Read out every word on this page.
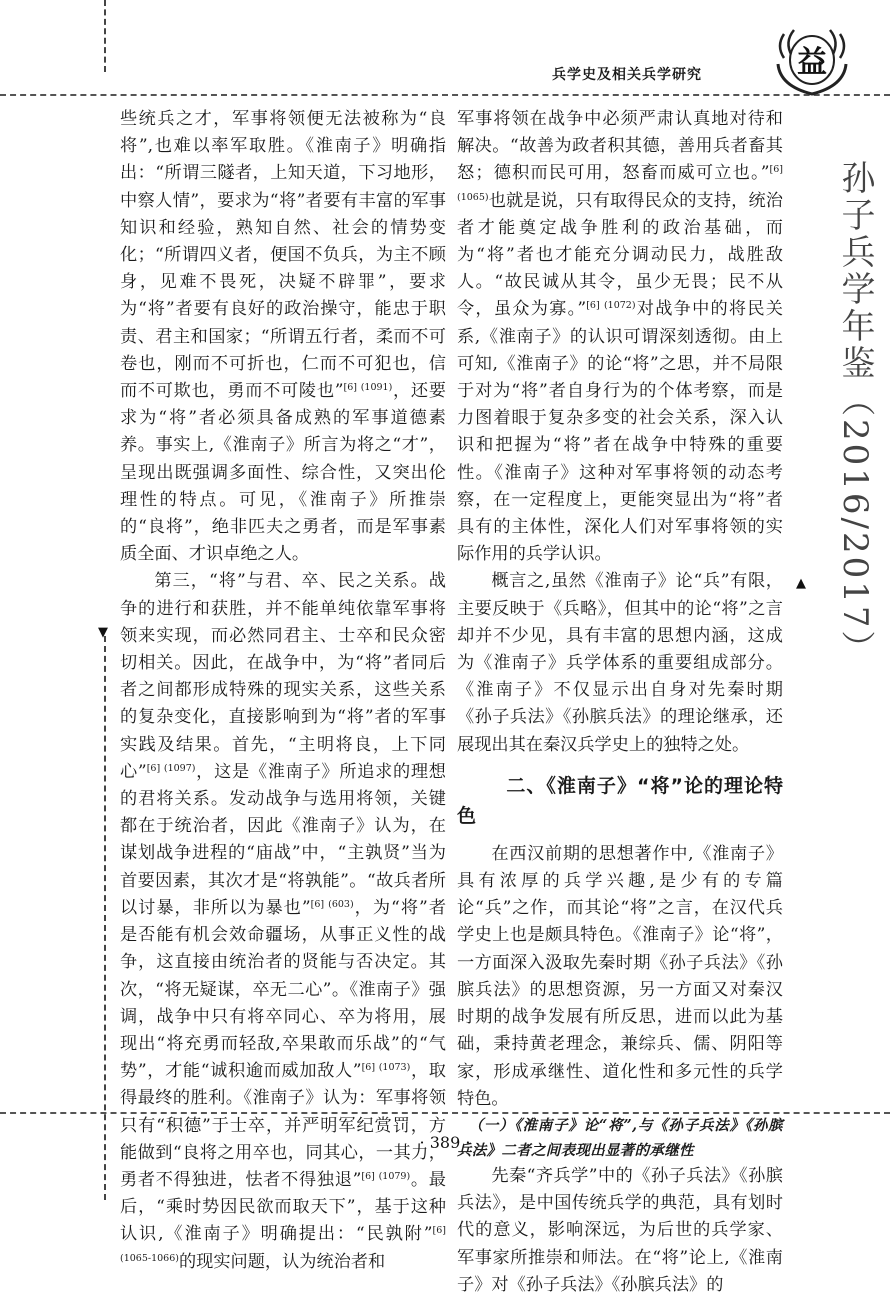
▼
▲
兵学史及相关兵学研究	益

些统兵之才，军事将领便无法被称为“良将”,也难以率军取胜。《淮南子》明确指出：“所谓三隧者，上知天道，下习地形，中察人情”，要求为“将”者要有丰富的军事知识和经验，熟知自然、社会的情势变化；“所谓四义者，便国不负兵，为主不顾身，见难不畏死，决疑不辟罪”，要求为“将”者要有良好的政治操守，能忠于职责、君主和国家；“所谓五行者，柔而不可卷也，刚而不可折也，仁而不可犯也，信而不可欺也，勇而不可陵也”$^{[6] (1091)}$，还要求为“将”者必须具备成熟的军事道德素养。事实上,《淮南子》所言为将之“才”，呈现出既强调多面性、综合性，又突出伦理性的特点。可见，《淮南子》所推崇的“良将”，绝非匹夫之勇者，而是军事素质全面、才识卓绝之人。

第三，“将”与君、卒、民之关系。战争的进行和获胜，并不能单纯依靠军事将领来实现，而必然同君主、士卒和民众密切相关。因此，在战争中，为“将”者同后者之间都形成特殊的现实关系，这些关系的复杂变化，直接影响到为“将”者的军事实践及结果。首先，“主明将良，上下同心”$^{[6] (1097)}$，这是《淮南子》所追求的理想的君将关系。发动战争与选用将领，关键都在于统治者，因此《淮南子》认为，在谋划战争进程的“庙战”中，“主孰贤”当为首要因素，其次才是“将孰能”。“故兵者所以讨暴，非所以为暴也”$^{[6] (603)}$，为“将”者是否能有机会效命疆场，从事正义性的战争，这直接由统治者的贤能与否决定。其次，“将无疑谋，卒无二心”。《淮南子》强调，战争中只有将卒同心、卒为将用，展现出“将充勇而轻敌,卒果敢而乐战”的“气势”，才能“诚积逾而威加敌人”$^{[6] (1073)}$，取得最终的胜利。《淮南子》认为：军事将领只有“积德”于士卒，并严明军纪赏罚，方能做到“良将之用卒也，同其心，一其力，勇者不得独进，怯者不得独退”$^{[6] (1079)}$。最后，“乘时势因民欲而取天下”，基于这种认识,《淮南子》明确提出：“民孰附”$^{[6] (1065-1066)}$的现实问题，认为统治者和

军事将领在战争中必须严肃认真地对待和解决。“故善为政者积其德，善用兵者畜其怒；德积而民可用，怒畜而威可立也。”$^{[6] (1065)}$也就是说，只有取得民众的支持，统治者才能奠定战争胜利的政治基础，而为“将”者也才能充分调动民力，战胜敌人。“故民诚从其令，虽少无畏；民不从令，虽众为寡。”$^{[6] (1072)}$对战争中的将民关系,《淮南子》的认识可谓深刻透彻。由上可知,《淮南子》的论“将”之思，并不局限于对为“将”者自身行为的个体考察，而是力图着眼于复杂多变的社会关系，深入认识和把握为“将”者在战争中特殊的重要性。《淮南子》这种对军事将领的动态考察，在一定程度上，更能突显出为“将”者具有的主体性，深化人们对军事将领的实际作用的兵学认识。

概言之,虽然《淮南子》论“兵”有限，主要反映于《兵略》，但其中的论“将”之言却并不少见，具有丰富的思想内涵，这成为《淮南子》兵学体系的重要组成部分。《淮南子》不仅显示出自身对先秦时期《孙子兵法》《孙膑兵法》的理论继承，还展现出其在秦汉兵学史上的独特之处。

二、《淮南子》“将”论的理论特色

在西汉前期的思想著作中,《淮南子》具有浓厚的兵学兴趣,是少有的专篇论“兵”之作，而其论“将”之言，在汉代兵学史上也是颇具特色。《淮南子》论“将”，一方面深入汲取先秦时期《孙子兵法》《孙膑兵法》的思想资源，另一方面又对秦汉时期的战争发展有所反思，进而以此为基础，秉持黄老理念，兼综兵、儒、阴阳等家，形成承继性、道化性和多元性的兵学特色。

（一）《淮南子》论“将”,与《孙子兵法》《孙膑兵法》二者之间表现出显著的承继性

先秦“齐兵学”中的《孙子兵法》《孙膑兵法》，是中国传统兵学的典范，具有划时代的意义，影响深远，为后世的兵学家、军事家所推崇和师法。在“将”论上,《淮南子》对《孙子兵法》《孙膑兵法》的

孙子兵学年鉴（2016/2017）
· 389 ·
